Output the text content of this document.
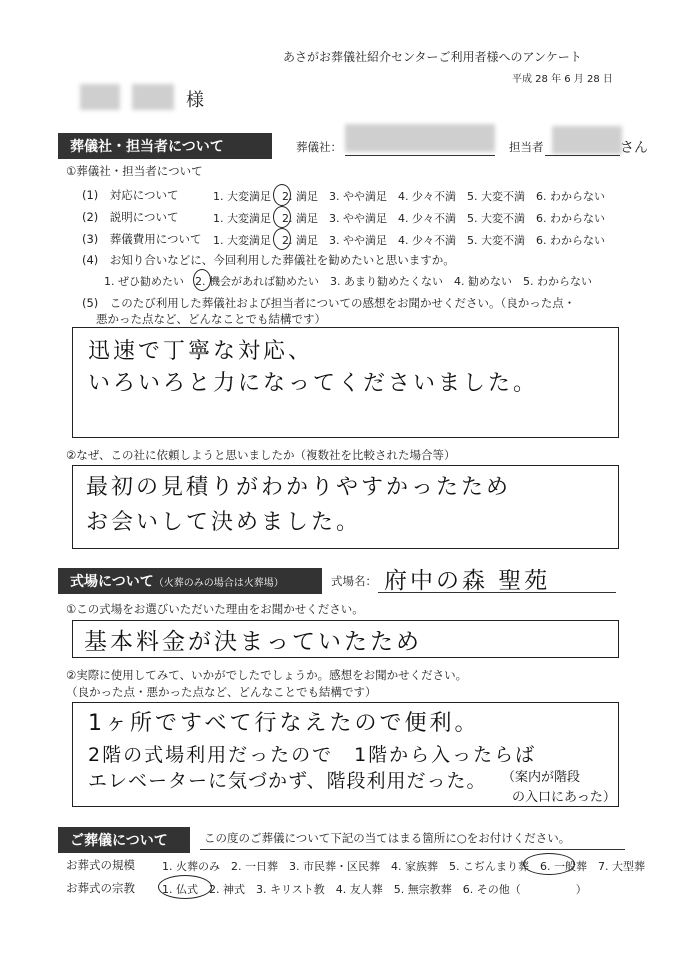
あさがお葬儀社紹介センターご利用者様へのアンケート
平成 28 年 6 月 28 日
様
葬儀社・担当者について	葬儀社：	担当者	さん
①葬儀社・担当者について
(1)　対応について	1. 大変満足　2. 満足　3. やや満足　4. 少々不満　5. 大変不満　6. わからない
(2)　説明について	1. 大変満足　2. 満足　3. やや満足　4. 少々不満　5. 大変不満　6. わからない
(3)　葬儀費用について 1. 大変満足　2. 満足　3. やや満足　4. 少々不満　5. 大変不満　6. わからない
(4)　お知り合いなどに、今回利用した葬儀社を勧めたいと思いますか。
1. ぜひ勧めたい　2. 機会があれば勧めたい　3. あまり勧めたくない　4. 勧めない　5. わからない
(5)　このたび利用した葬儀社および担当者についての感想をお聞かせください。（良かった点・
悪かった点など、どんなことでも結構です）
迅速で丁寧な対応、
いろいろと力になってくださいました。
②なぜ、この社に依頼しようと思いましたか（複数社を比較された場合等）
最初の見積りがわかりやすかったため
お会いして決めました。
式場について（火葬のみの場合は火葬場）	式場名： 府中の森 聖苑
①この式場をお選びいただいた理由をお聞かせください。
基本料金が決まっていたため
②実際に使用してみて、いかがでしたでしょうか。感想をお聞かせください。
（良かった点・悪かった点など、どんなことでも結構です）
1ヶ所ですべて行なえたので便利。
2階の式場利用だったので　1階から入ったらば
エレベーターに気づかず、階段利用だった。 （案内が階段
の入口にあった）
ご葬儀について	この度のご葬儀について下記の当てはまる箇所に○をお付けください。
お葬式の規模 1. 火葬のみ　2. 一日葬　3. 市民葬・区民葬　4. 家族葬　5. こぢんまり葬　6. 一般葬　7. 大型葬
お葬式の宗教 1. 仏式　2. 神式　3. キリスト教　4. 友人葬　5. 無宗教葬　6. その他（　　　　　）
